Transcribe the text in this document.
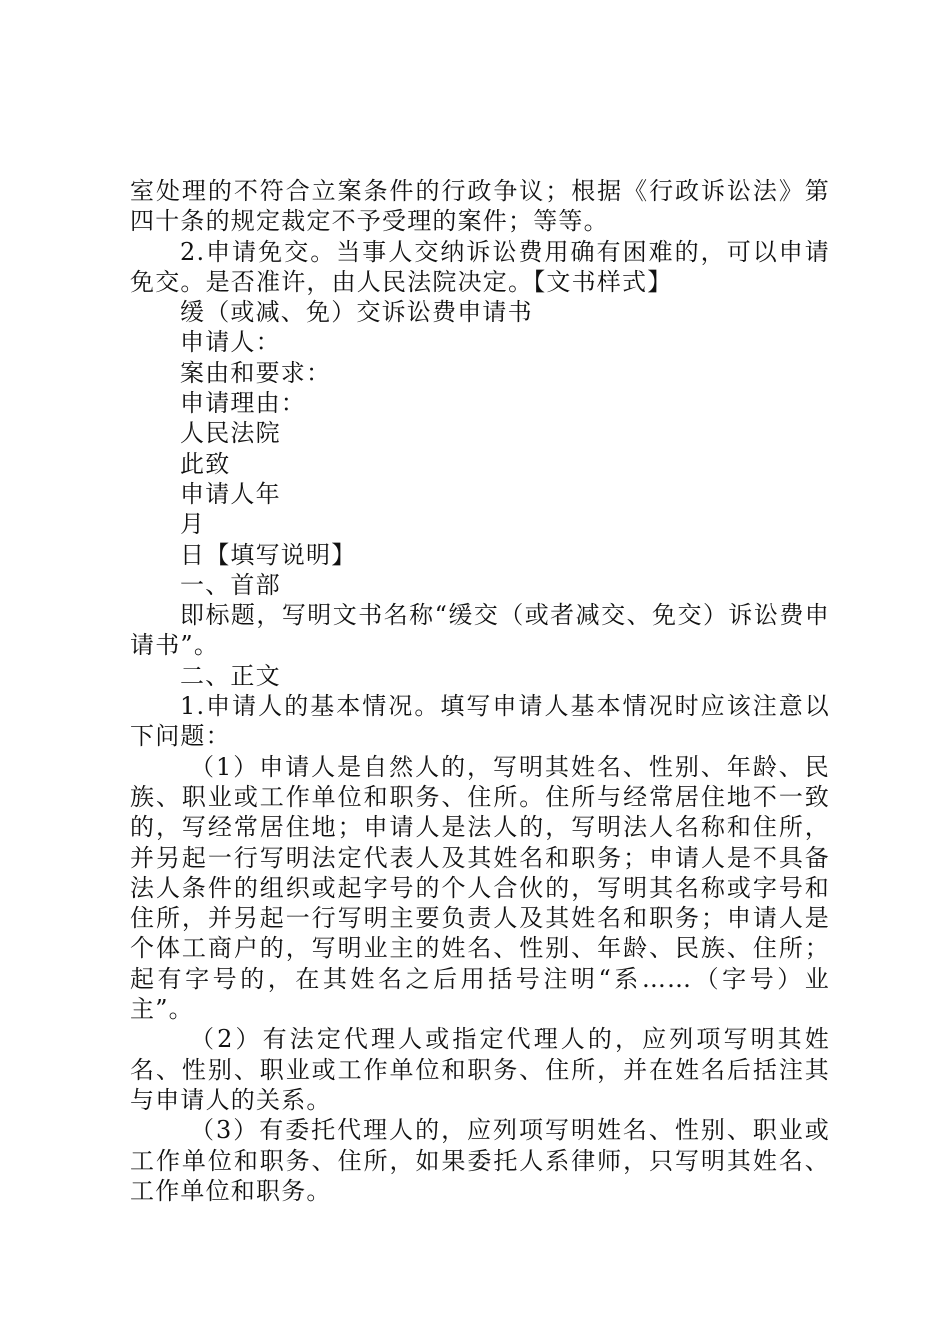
室处理的不符合立案条件的行政争议；根据《行政诉讼法》第四十条的规定裁定不予受理的案件；等等。

2.申请免交。当事人交纳诉讼费用确有困难的，可以申请免交。是否准许，由人民法院决定。【文书样式】

缓（或减、免）交诉讼费申请书

申请人：

案由和要求：

申请理由：

人民法院

此致

申请人年

月

日【填写说明】

一、首部

即标题，写明文书名称“缓交（或者减交、免交）诉讼费申请书”。

二、正文

1.申请人的基本情况。填写申请人基本情况时应该注意以下问题：

（1）申请人是自然人的，写明其姓名、性别、年龄、民族、职业或工作单位和职务、住所。住所与经常居住地不一致的，写经常居住地；申请人是法人的，写明法人名称和住所，并另起一行写明法定代表人及其姓名和职务；申请人是不具备法人条件的组织或起字号的个人合伙的，写明其名称或字号和住所，并另起一行写明主要负责人及其姓名和职务；申请人是个体工商户的，写明业主的姓名、性别、年龄、民族、住所；起有字号的，在其姓名之后用括号注明“系……（字号）业主”。

（2）有法定代理人或指定代理人的，应列项写明其姓名、性别、职业或工作单位和职务、住所，并在姓名后括注其与申请人的关系。

（3）有委托代理人的，应列项写明姓名、性别、职业或工作单位和职务、住所，如果委托人系律师，只写明其姓名、工作单位和职务。
